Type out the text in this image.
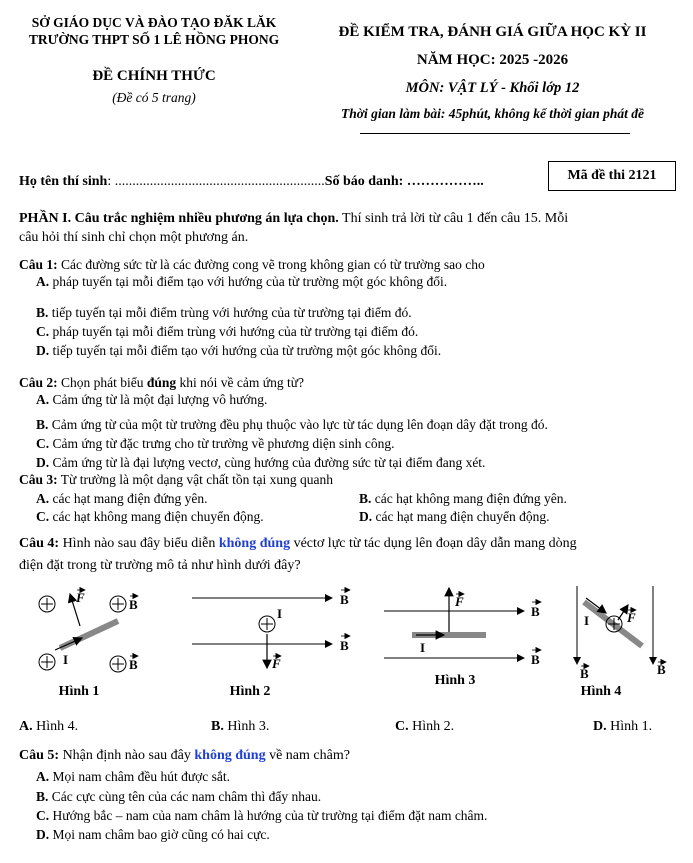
SỞ GIÁO DỤC VÀ ĐÀO TẠO ĐĂK LĂK
TRƯỜNG THPT SỐ 1 LÊ HỒNG PHONG
ĐỀ CHÍNH THỨC
(Đề có 5 trang)
ĐỀ KIỂM TRA, ĐÁNH GIÁ GIỮA HỌC KỲ II
NĂM HỌC: 2025 -2026
MÔN: VẬT LÝ - Khối lớp 12
Thời gian làm bài: 45phút, không kể thời gian phát đề
Họ tên thí sinh: ............................................................Số báo danh: ……………..	Mã đề thi 2121
PHẦN I. Câu trắc nghiệm nhiều phương án lựa chọn. Thí sinh trả lời từ câu 1 đến câu 15. Mỗi
câu hỏi thí sinh chỉ chọn một phương án.
Câu 1: Các đường sức từ là các đường cong vẽ trong không gian có từ trường sao cho
A. pháp tuyến tại mỗi điểm tạo với hướng của từ trường một góc không đổi.
B. tiếp tuyến tại mỗi điểm trùng với hướng của từ trường tại điểm đó.
C. pháp tuyến tại mỗi điểm trùng với hướng của từ trường tại điểm đó.
D. tiếp tuyến tại mỗi điểm tạo với hướng của từ trường một góc không đổi.
Câu 2: Chọn phát biểu đúng khi nói về cảm ứng từ?
A. Cảm ứng từ là một đại lượng vô hướng.
B. Cảm ứng từ của một từ trường đều phụ thuộc vào lực từ tác dụng lên đoạn dây đặt trong đó.
C. Cảm ứng từ đặc trưng cho từ trường về phương diện sinh công.
D. Cảm ứng từ là đại lượng vectơ, cùng hướng của đường sức từ tại điểm đang xét.
Câu 3: Từ trường là một dạng vật chất tồn tại xung quanh
A. các hạt mang điện đứng yên.	B. các hạt không mang điện đứng yên.
C. các hạt không mang điện chuyển động.	D. các hạt mang điện chuyển động.
Câu 4: Hình nào sau đây biểu diễn không đúng véctơ lực từ tác dụng lên đoạn dây dẫn mang dòng
điện đặt trong từ trường mô tả như hình dưới đây?
B
B
F
I
B
B
I
F
B
B
I
F
B	B
I	F
Hình 1	Hình 2
Hình 3
Hình 4
A. Hình 4.	B. Hình 3.	C. Hình 2.	D. Hình 1.
Câu 5: Nhận định nào sau đây không đúng về nam châm?
A. Mọi nam châm đều hút được sắt.
B. Các cực cùng tên của các nam châm thì đẩy nhau.
C. Hướng bắc – nam của nam châm là hướng của từ trường tại điểm đặt nam châm.
D. Mọi nam châm bao giờ cũng có hai cực.
